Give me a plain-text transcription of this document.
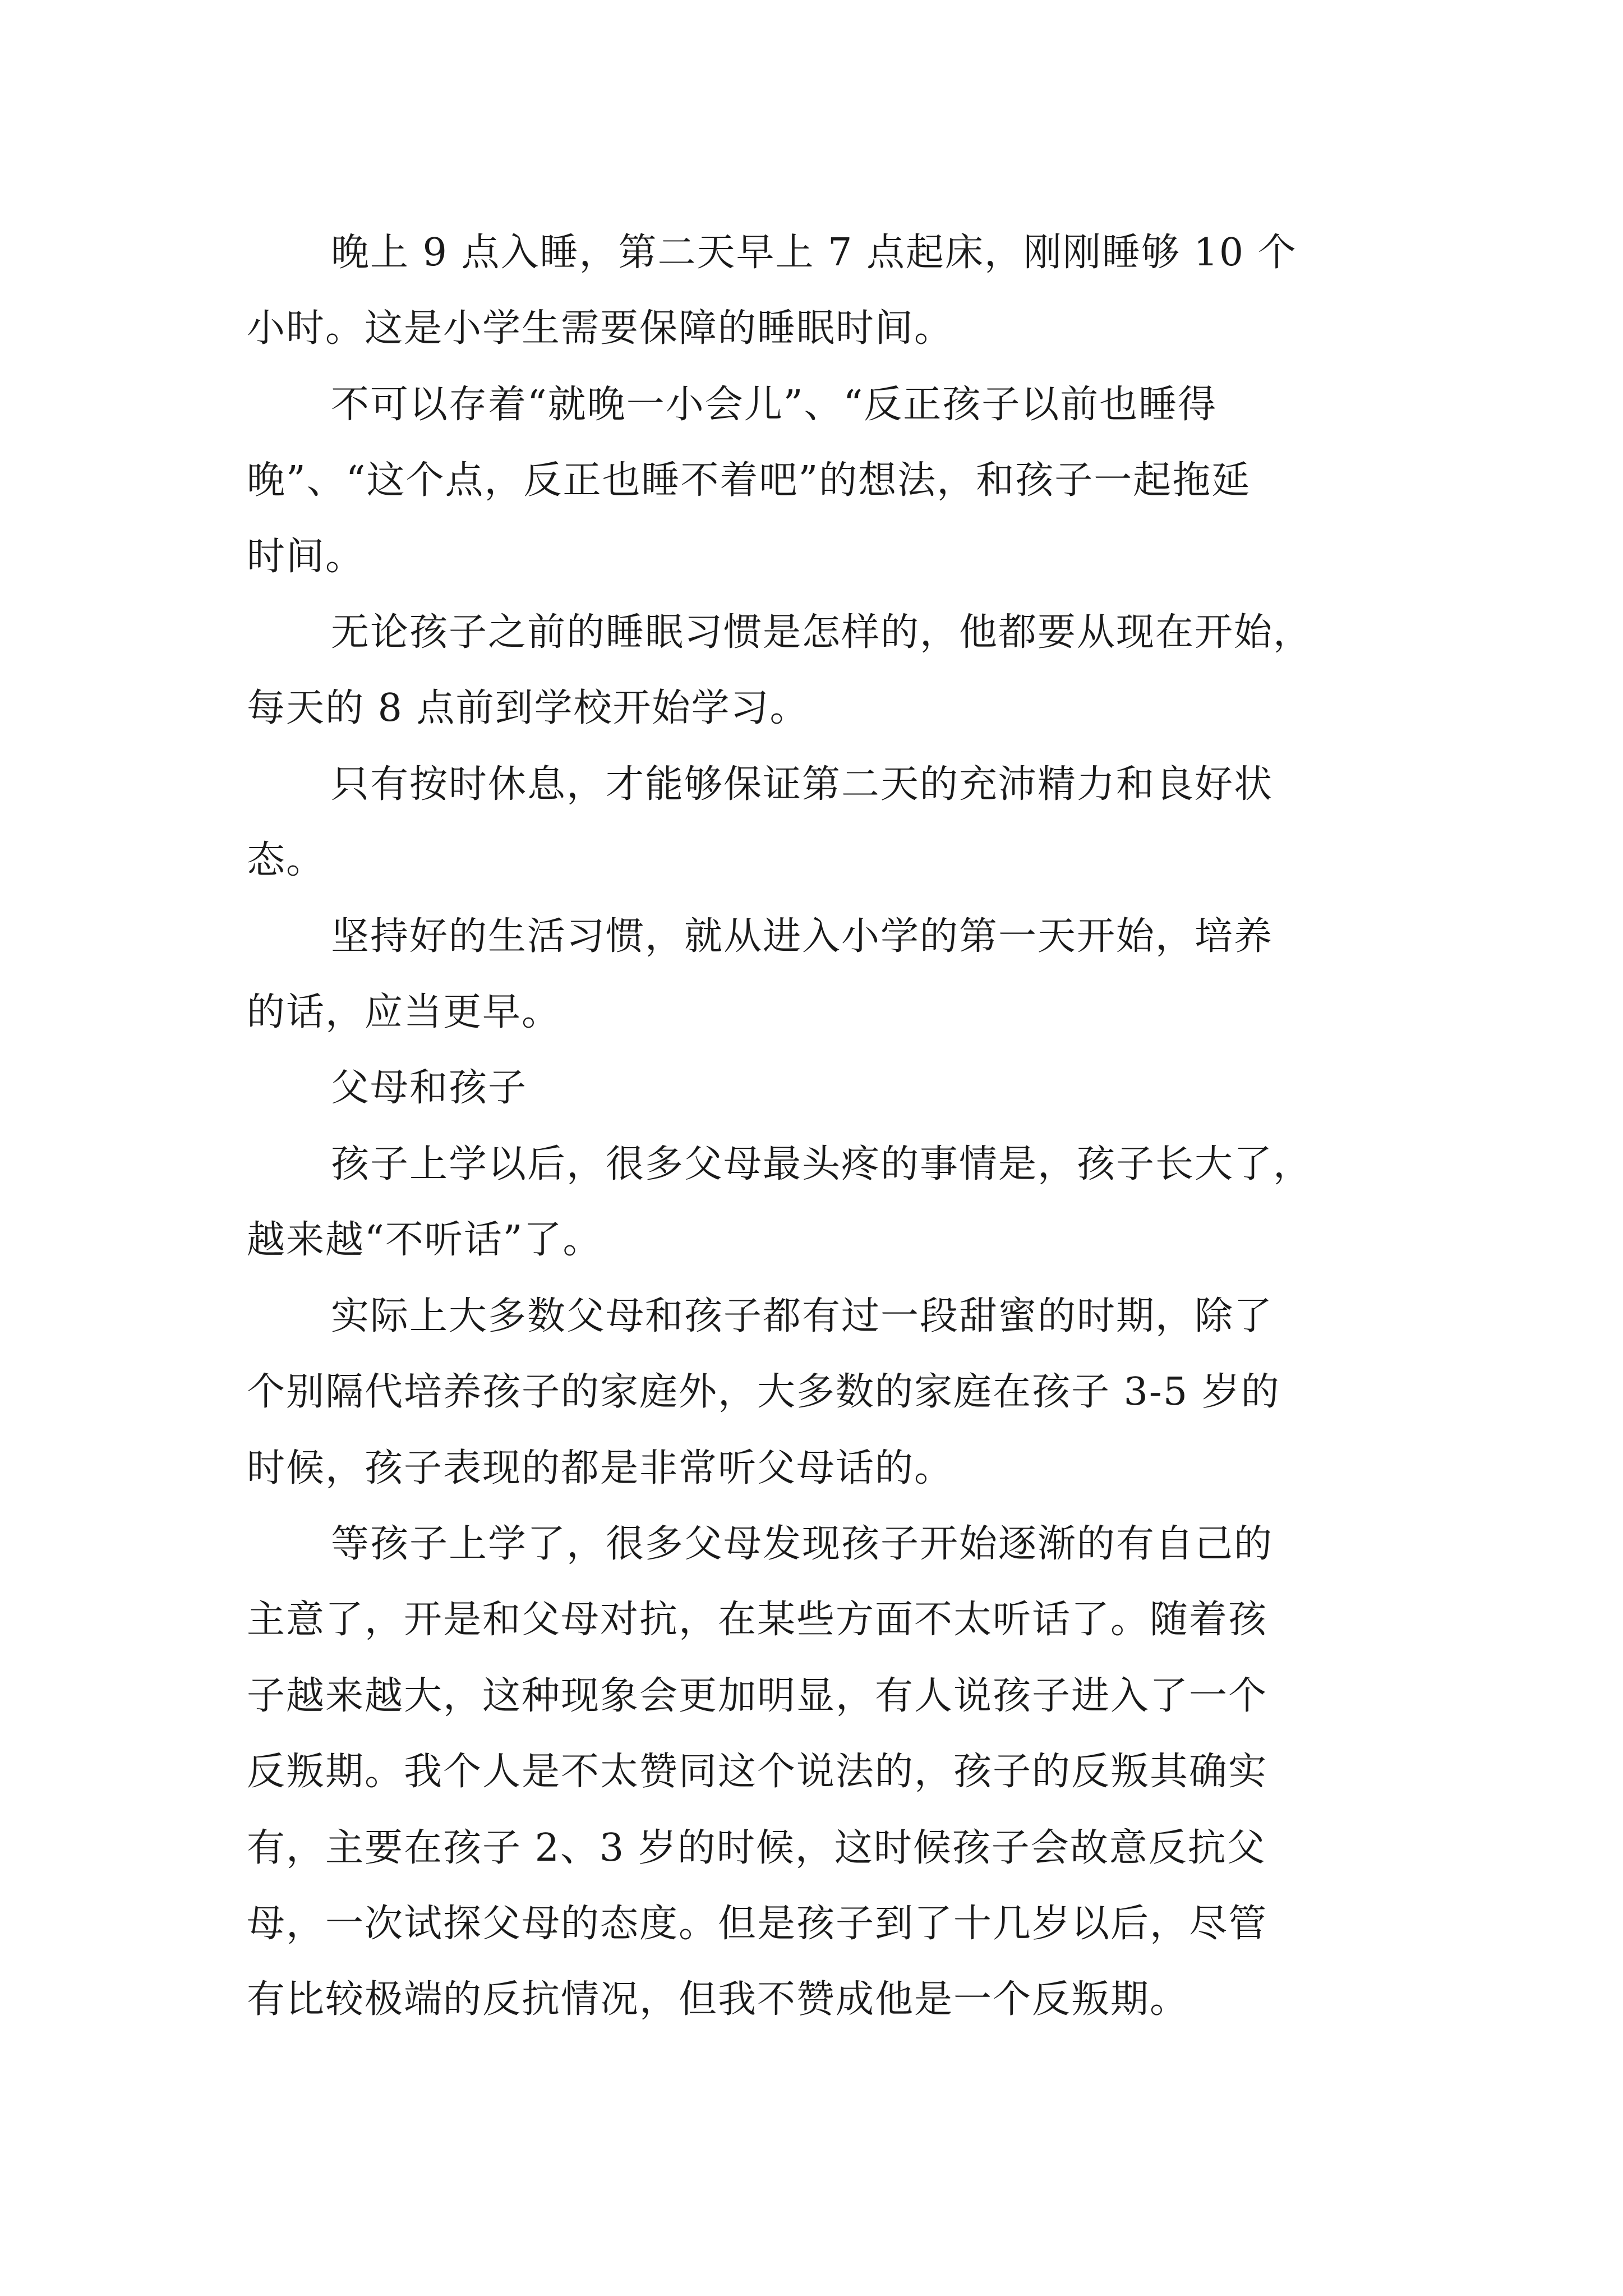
晚上 9 点入睡，第二天早上 7 点起床，刚刚睡够 10 个
小时。这是小学生需要保障的睡眠时间。

不可以存着“就晚一小会儿”、“反正孩子以前也睡得
晚”、“这个点，反正也睡不着吧”的想法，和孩子一起拖延
时间。

无论孩子之前的睡眠习惯是怎样的，他都要从现在开始，
每天的 8 点前到学校开始学习。

只有按时休息，才能够保证第二天的充沛精力和良好状
态。

坚持好的生活习惯，就从进入小学的第一天开始，培养
的话，应当更早。

父母和孩子

孩子上学以后，很多父母最头疼的事情是，孩子长大了，
越来越“不听话”了。

实际上大多数父母和孩子都有过一段甜蜜的时期，除了
个别隔代培养孩子的家庭外，大多数的家庭在孩子 3-5 岁的
时候，孩子表现的都是非常听父母话的。

等孩子上学了，很多父母发现孩子开始逐渐的有自己的
主意了，开是和父母对抗，在某些方面不太听话了。随着孩
子越来越大，这种现象会更加明显，有人说孩子进入了一个
反叛期。我个人是不太赞同这个说法的，孩子的反叛其确实
有，主要在孩子 2、3 岁的时候，这时候孩子会故意反抗父
母，一次试探父母的态度。但是孩子到了十几岁以后，尽管
有比较极端的反抗情况，但我不赞成他是一个反叛期。
